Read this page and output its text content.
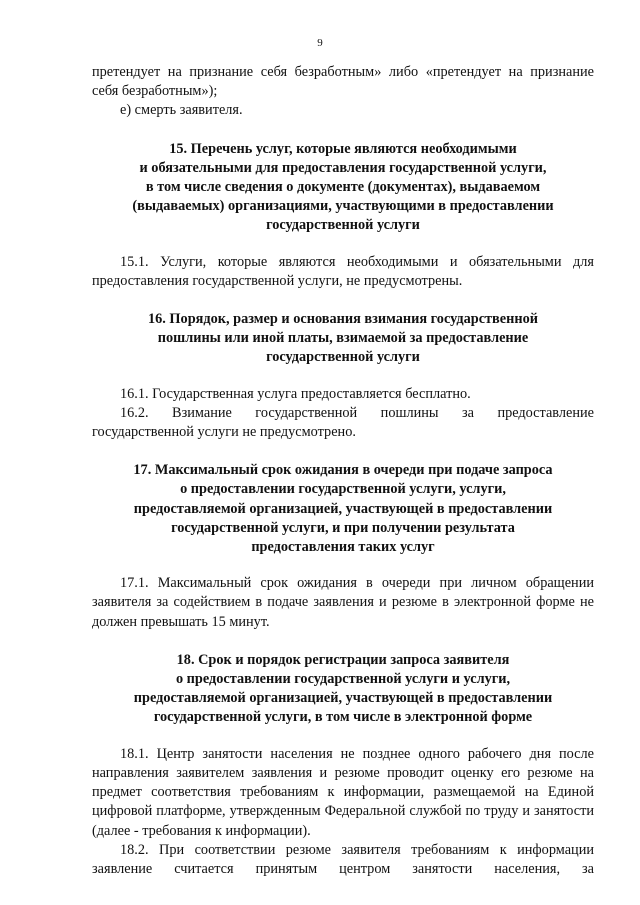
9

претендует на признание себя безработным» либо «претендует на признание

себя безработным»);

е) смерть заявителя.

15. Перечень услуг, которые являются необходимыми
и обязательными для предоставления государственной услуги,
в том числе сведения о документе (документах), выдаваемом
(выдаваемых) организациями, участвующими в предоставлении
государственной услуги

15.1. Услуги, которые являются необходимыми и обязательными для предоставления государственной услуги, не предусмотрены.

16. Порядок, размер и основания взимания государственной
пошлины или иной платы, взимаемой за предоставление
государственной услуги

16.1. Государственная услуга предоставляется бесплатно.

16.2. Взимание государственной пошлины за предоставление

государственной услуги не предусмотрено.

17. Максимальный срок ожидания в очереди при подаче запроса
о предоставлении государственной услуги, услуги,
предоставляемой организацией, участвующей в предоставлении
государственной услуги, и при получении результата
предоставления таких услуг

17.1. Максимальный срок ожидания в очереди при личном обращении заявителя за содействием в подаче заявления и резюме в электронной форме не должен превышать 15 минут.

18. Срок и порядок регистрации запроса заявителя
о предоставлении государственной услуги и услуги,
предоставляемой организацией, участвующей в предоставлении
государственной услуги, в том числе в электронной форме

18.1. Центр занятости населения не позднее одного рабочего дня после направления заявителем заявления и резюме проводит оценку его резюме на предмет соответствия требованиям к информации, размещаемой на Единой цифровой платформе, утвержденным Федеральной службой по труду и занятости (далее - требования к информации).

18.2. При соответствии резюме заявителя требованиям к информации

заявление считается принятым центром занятости населения, за
